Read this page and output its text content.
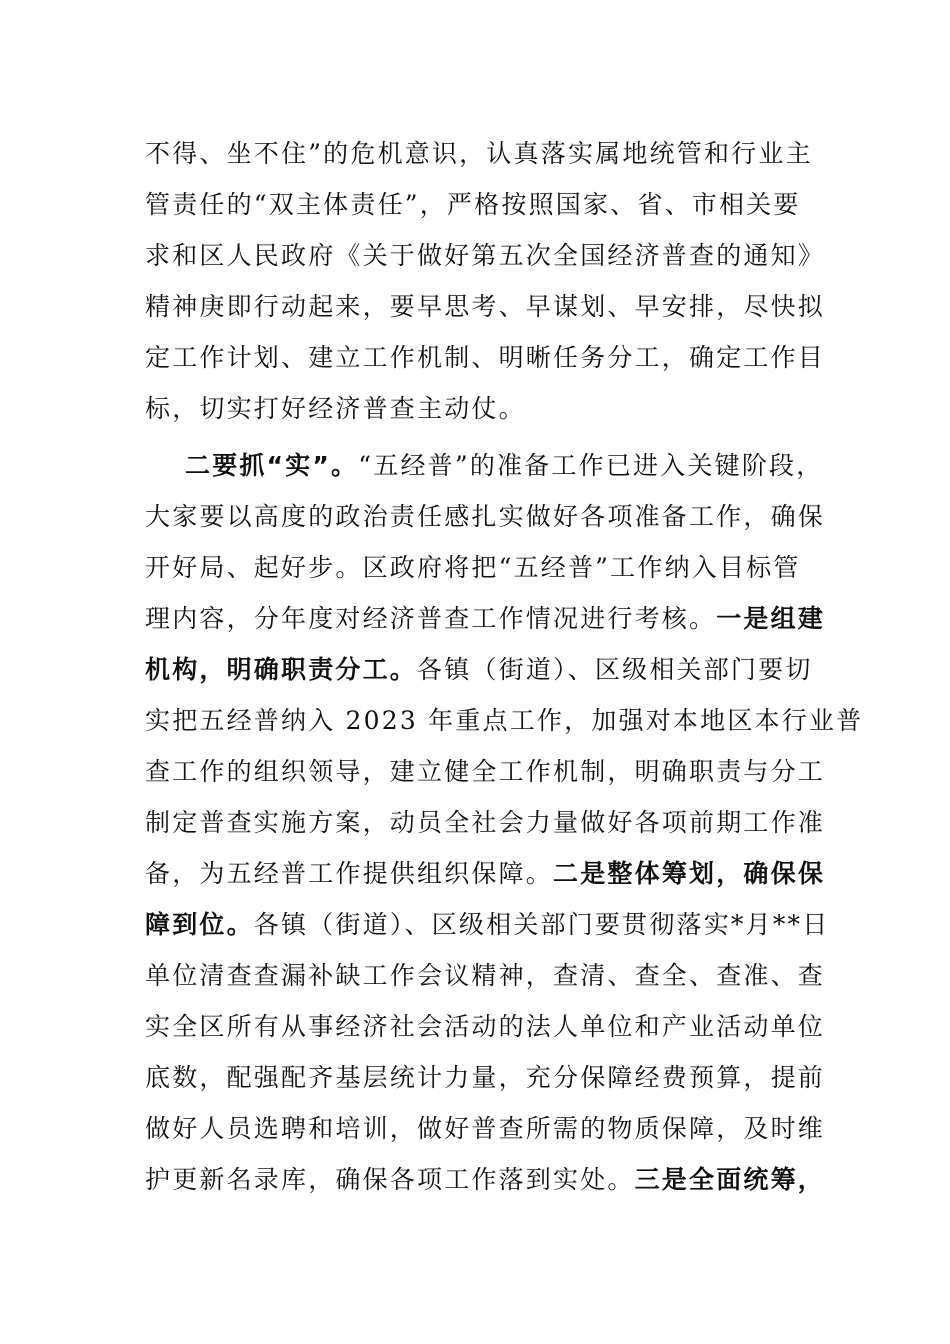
不得、坐不住”的危机意识，认真落实属地统管和行业主
管责任的“双主体责任”，严格按照国家、省、市相关要
求和区人民政府《关于做好第五次全国经济普查的通知》
精神庚即行动起来，要早思考、早谋划、早安排，尽快拟
定工作计划、建立工作机制、明晰任务分工，确定工作目
标，切实打好经济普查主动仗。
二要抓“实”。“五经普”的准备工作已进入关键阶段，
大家要以高度的政治责任感扎实做好各项准备工作，确保
开好局、起好步。区政府将把“五经普”工作纳入目标管
理内容，分年度对经济普查工作情况进行考核。一是组建
机构，明确职责分工。各镇（街道）、区级相关部门要切
实把五经普纳入 2023 年重点工作，加强对本地区本行业普
查工作的组织领导，建立健全工作机制，明确职责与分工
制定普查实施方案，动员全社会力量做好各项前期工作准
备，为五经普工作提供组织保障。二是整体筹划，确保保
障到位。各镇（街道）、区级相关部门要贯彻落实*月**日
单位清查查漏补缺工作会议精神，查清、查全、查准、查
实全区所有从事经济社会活动的法人单位和产业活动单位
底数，配强配齐基层统计力量，充分保障经费预算，提前
做好人员选聘和培训，做好普查所需的物质保障，及时维
护更新名录库，确保各项工作落到实处。三是全面统筹，
